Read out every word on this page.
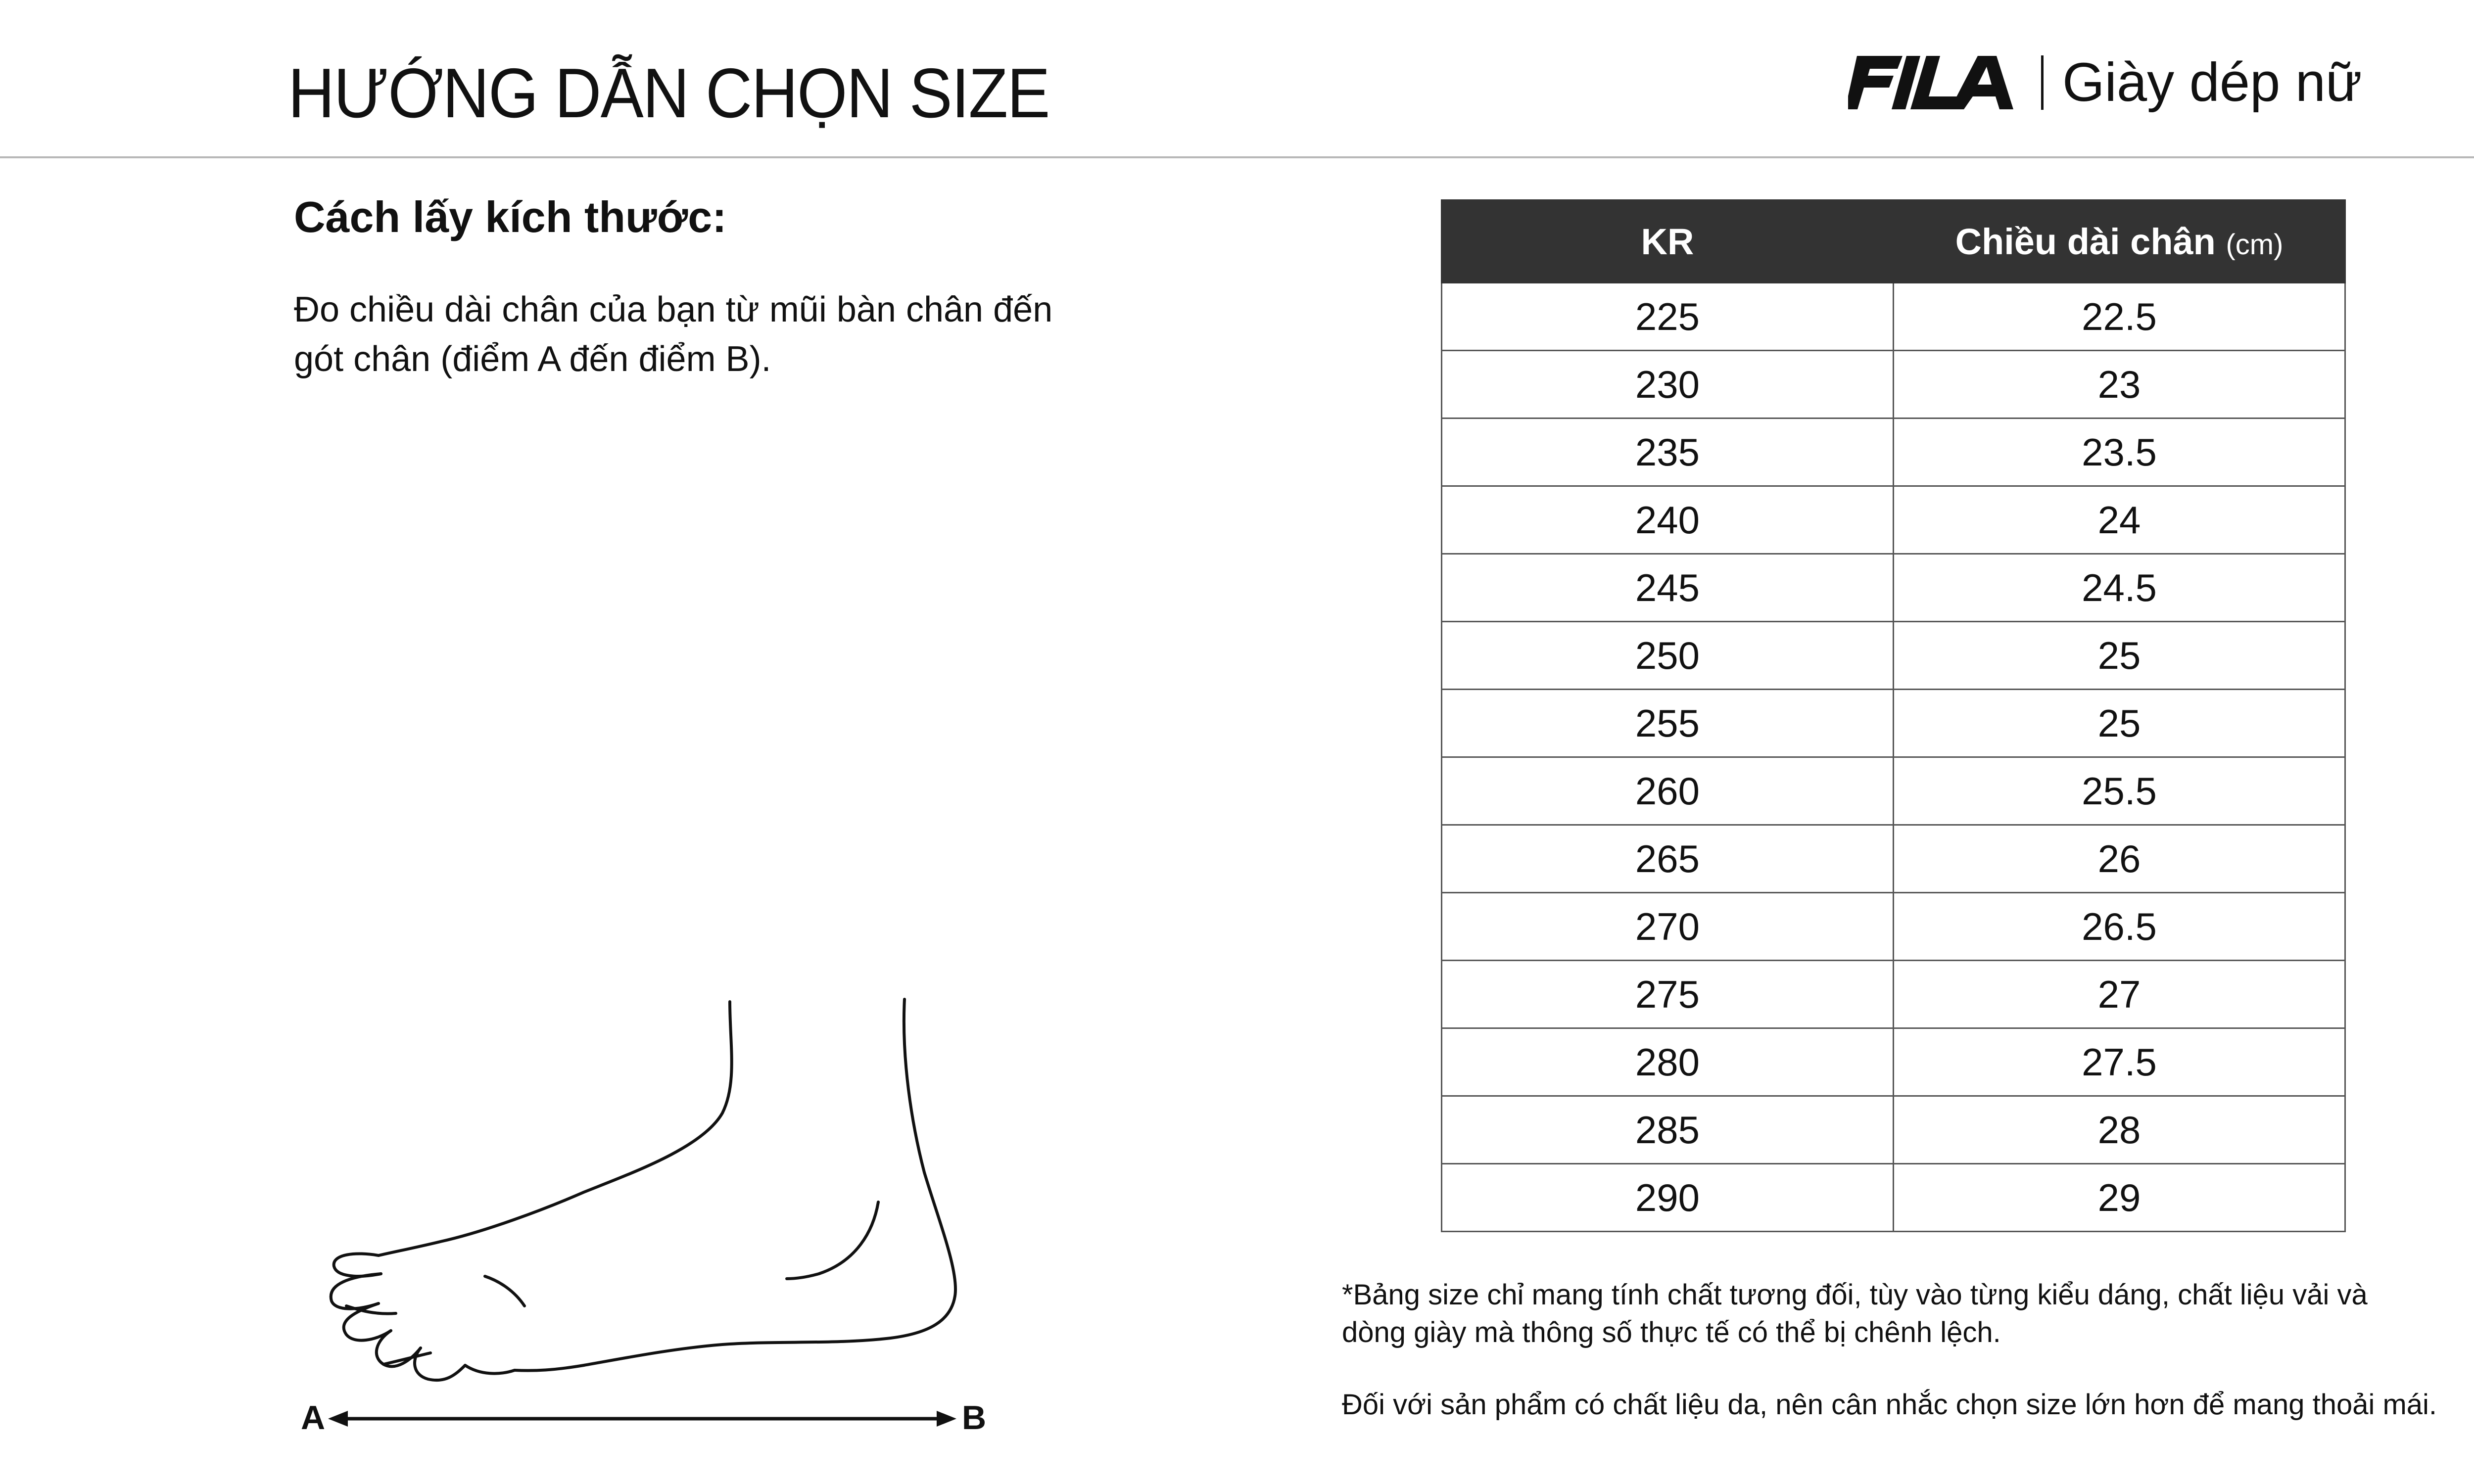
HƯỚNG DẪN CHỌN SIZE	Giày dép nữ
Cách lấy kích thước:
Đo chiều dài chân của bạn từ mũi bàn chân đến
gót chân (điểm A đến điểm B).
A	B
KR	Chiều dài chân (cm)
225	22.5
230	23
235	23.5
240	24
245	24.5
250	25
255	25
260	25.5
265	26
270	26.5
275	27
280	27.5
285	28
290	29
*Bảng size chỉ mang tính chất tương đối, tùy vào từng kiểu dáng, chất liệu vải và
dòng giày mà thông số thực tế có thể bị chênh lệch.
Đối với sản phẩm có chất liệu da, nên cân nhắc chọn size lớn hơn để mang thoải mái.
